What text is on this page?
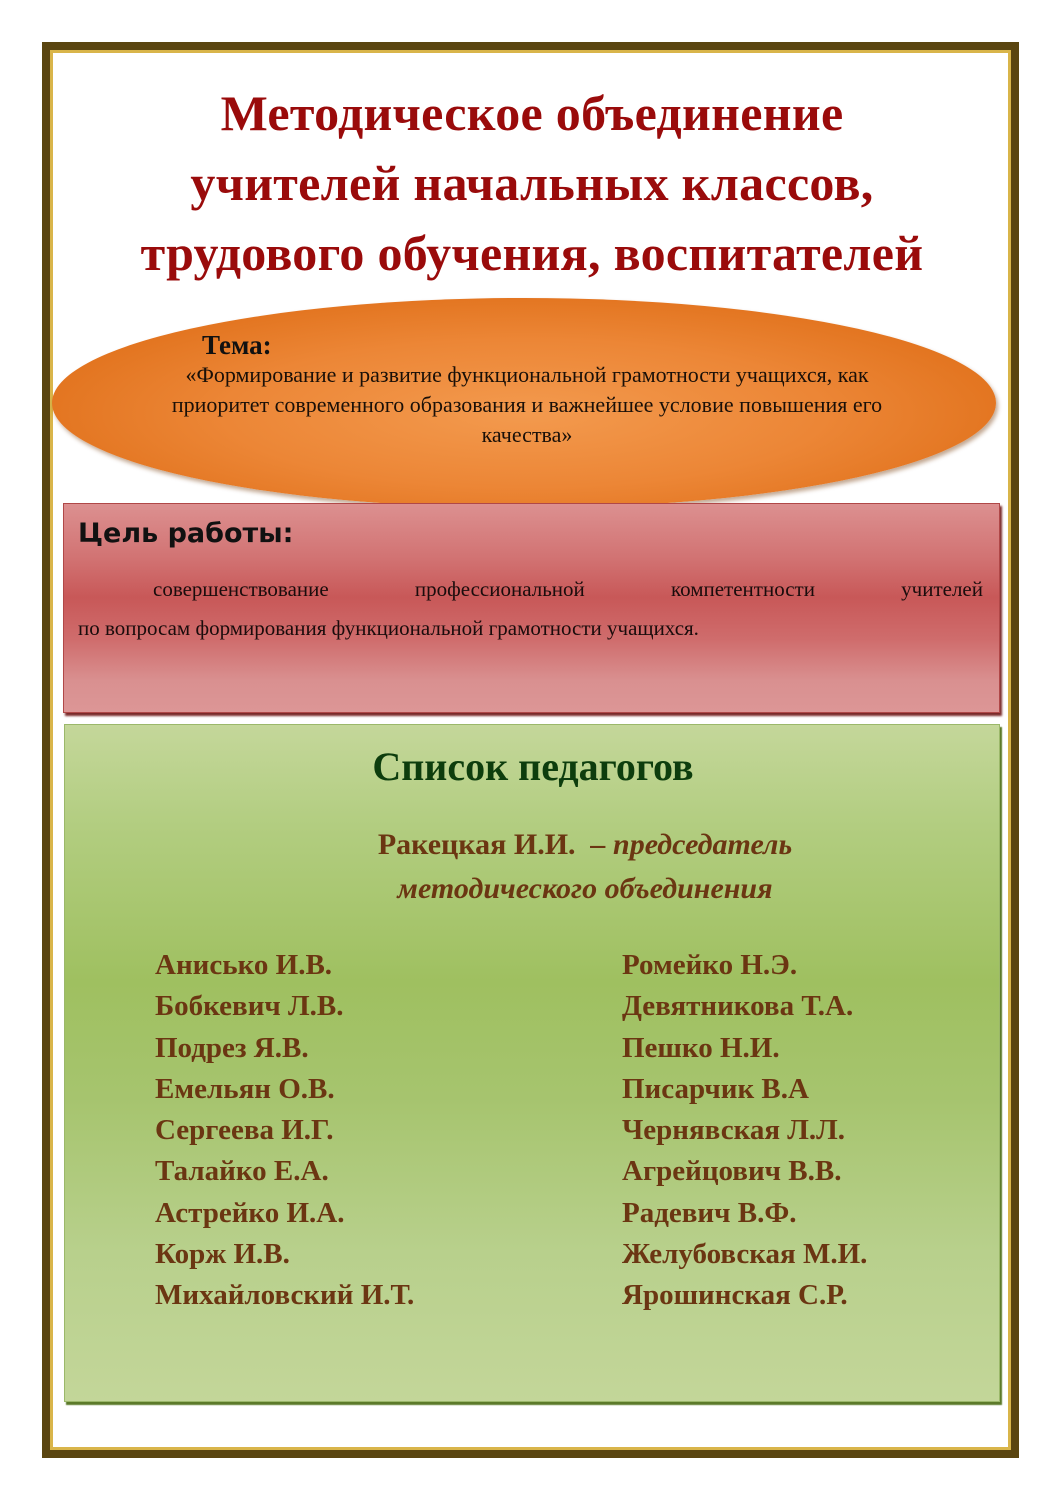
Методическое объединение
учителей начальных классов,
трудового обучения, воспитателей
Тема:
«Формирование и развитие функциональной грамотности учащихся, как
приоритет современного образования и важнейшее условие повышения его
качества»
Цель работы:
совершенствование профессиональной компетентности учителей
по вопросам формирования функциональной грамотности учащихся.
Список педагогов
Ракецкая И.И. – председатель
методического объединения
Анисько И.В.
Бобкевич Л.В.
Подрез Я.В.
Емельян О.В.
Сергеева И.Г.
Талайко Е.А.
Астрейко И.А.
Корж И.В.
Михайловский И.Т.
Ромейко Н.Э.
Девятникова Т.А.
Пешко Н.И.
Писарчик В.А
Чернявская Л.Л.
Агрейцович В.В.
Радевич В.Ф.
Желубовская М.И.
Ярошинская С.Р.
